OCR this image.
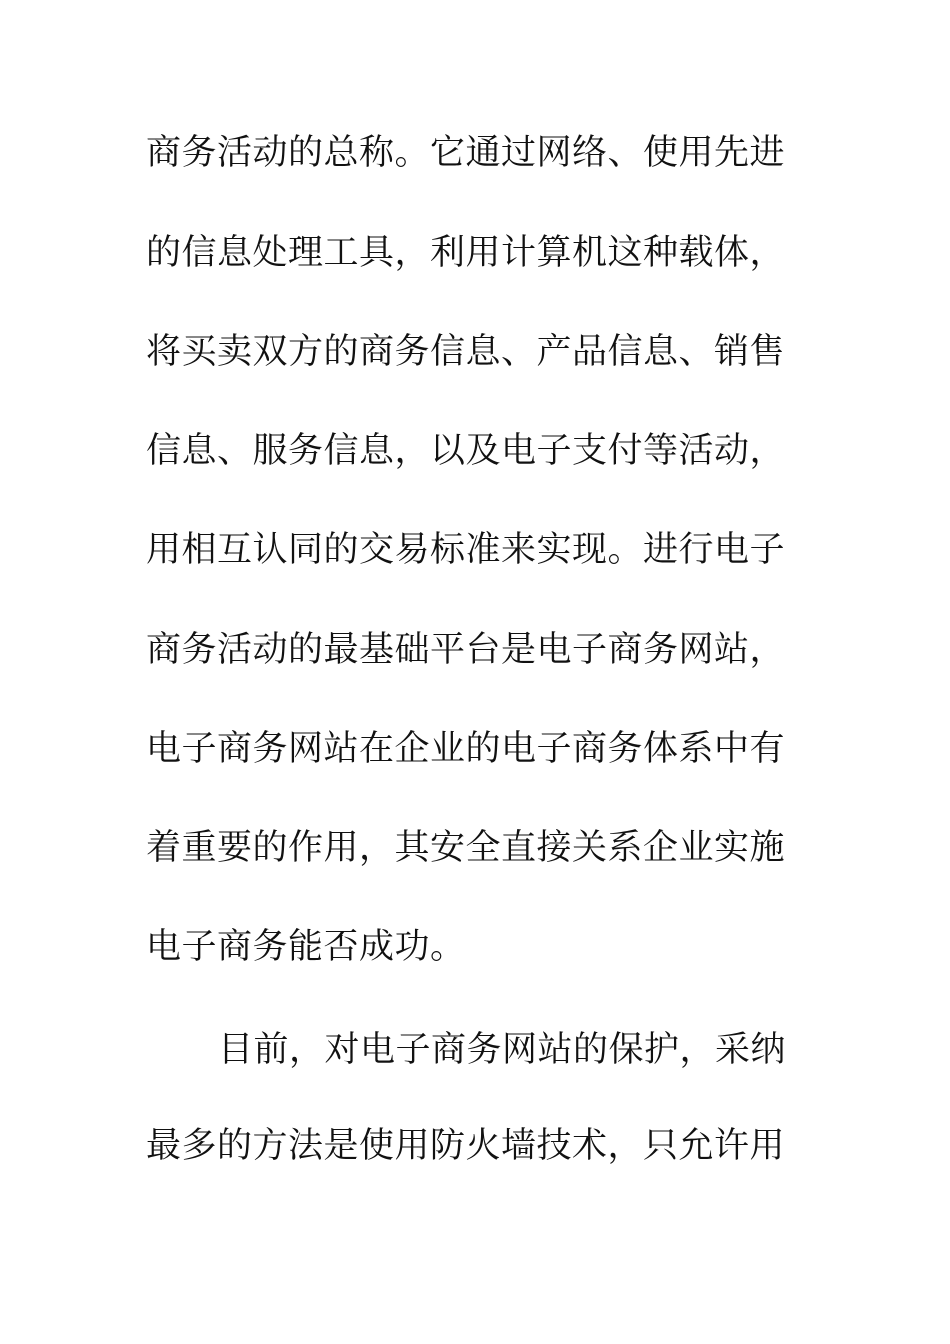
商务活动的总称。它通过网络、使用先进
的信息处理工具，利用计算机这种载体，
将买卖双方的商务信息、产品信息、销售
信息、服务信息，以及电子支付等活动，
用相互认同的交易标准来实现。进行电子
商务活动的最基础平台是电子商务网站，
电子商务网站在企业的电子商务体系中有
着重要的作用，其安全直接关系企业实施
电子商务能否成功。
目前，对电子商务网站的保护，采纳
最多的方法是使用防火墙技术，只允许用
